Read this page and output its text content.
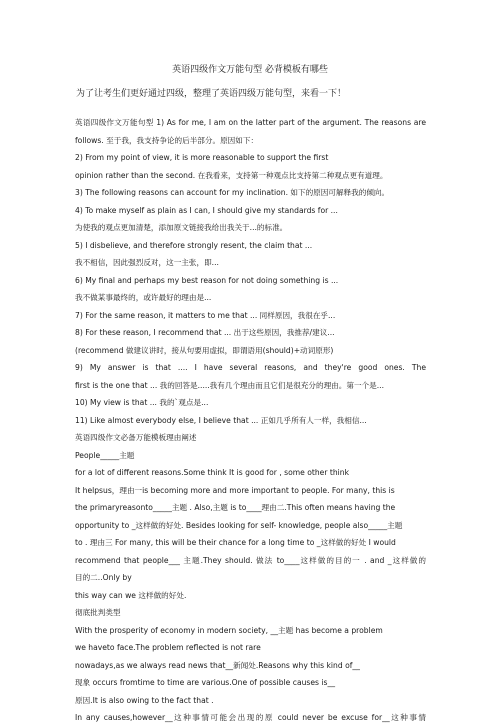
英语四级作文万能句型 必背模板有哪些
为了让考生们更好通过四级，整理了英语四级万能句型，来看一下！
英语四级作文万能句型 1) As for me, I am on the latter part of the argument. The reasons are
follows. 至于我，我支持争论的后半部分。原因如下：
2) From my point of view, it is more reasonable to support the first
opinion rather than the second. 在我看来，支持第一种观点比支持第二种观点更有道理。
3) The following reasons can account for my inclination. 如下的原因可解释我的倾向。
4) To make myself as plain as I can, I should give my standards for ...
为使我的观点更加清楚，添加原文链接我给出我关于...的标准。
5) I disbelieve, and therefore strongly resent, the claim that ...
我不相信，因此强烈反对，这一主张，即...
6) My final and perhaps my best reason for not doing something is ...
我不做某事最终的，或许最好的理由是...
7) For the same reason, it matters to me that ... 同样原因，我很在乎...
8) For these reason, I recommend that ... 出于这些原因，我推荐/建议...
(recommend 做建议讲时，接从句要用虚拟，即谓语用(should)+动词原形)
9) My answer is that .... I have several reasons, and they're good ones. The
first is the one that ... 我的回答是.....我有几个理由而且它们是很充分的理由。第一个是...
10) My view is that ... 我的`观点是...
11) Like almost everybody else, I believe that ... 正如几乎所有人一样，我相信...
英语四级作文必备万能模板理由阐述
People_____主题
for a lot of different reasons.Some think It is good for , some other think
It helpsus，理由一is becoming more and more important to people. For many, this is
the primaryreasonto_____主题 . Also,主题 is to____理由二.This often means having the
opportunity to _这样做的好处. Besides looking for self- knowledge, people also_____主题
to . 理由三 For many, this will be their chance for a long time to _这样做的好处 I would
recommend that people___ 主题.They should. 做法 to____这样做的目的一 . and _这样做的
目的二..Only by
this way can we 这样做的好处.
彻底批判类型
With the prosperity of economy in modern society, __主题 has become a problem
we haveto face.The problem reflected is not rare
nowadays,as we always read news that__新闻处.Reasons why this kind of__
现象 occurs fromtime to time are various.One of possible causes is__
原因.It is also owing to the fact that .
In any causes,however__这种事情可能会出现的原 could never be excuse for__这种事情
